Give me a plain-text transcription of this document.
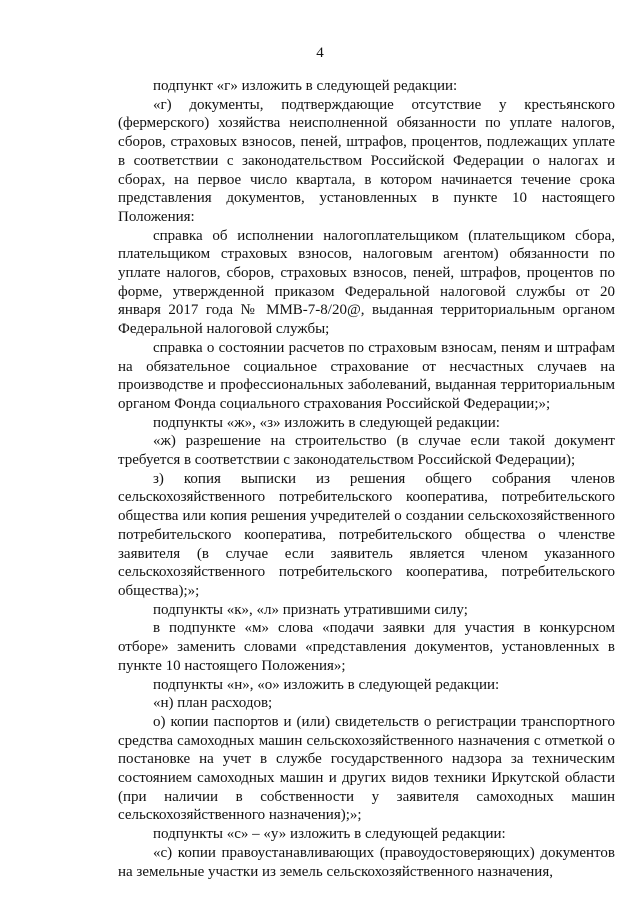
4

подпункт «г» изложить в следующей редакции:

«г) документы, подтверждающие отсутствие у крестьянского (фермерского) хозяйства неисполненной обязанности по уплате налогов, сборов, страховых взносов, пеней, штрафов, процентов, подлежащих уплате в соответствии с законодательством Российской Федерации о налогах и сборах, на первое число квартала, в котором начинается течение срока представления документов, установленных в пункте 10 настоящего Положения:

справка об исполнении налогоплательщиком (плательщиком сбора, плательщиком страховых взносов, налоговым агентом) обязанности по уплате налогов, сборов, страховых взносов, пеней, штрафов, процентов по форме, утвержденной приказом Федеральной налоговой службы от 20 января 2017 года № ММВ-7-8/20@, выданная территориальным органом Федеральной налоговой службы;

справка о состоянии расчетов по страховым взносам, пеням и штрафам на обязательное социальное страхование от несчастных случаев на производстве и профессиональных заболеваний, выданная территориальным органом Фонда социального страхования Российской Федерации;»;

подпункты «ж», «з» изложить в следующей редакции:

«ж) разрешение на строительство (в случае если такой документ требуется в соответствии с законодательством Российской Федерации);

з) копия выписки из решения общего собрания членов сельскохозяйственного потребительского кооператива, потребительского общества или копия решения учредителей о создании сельскохозяйственного потребительского кооператива, потребительского общества о членстве заявителя (в случае если заявитель является членом указанного сельскохозяйственного потребительского кооператива, потребительского общества);»;

подпункты «к», «л» признать утратившими силу;

в подпункте «м» слова «подачи заявки для участия в конкурсном отборе» заменить словами «представления документов, установленных в пункте 10 настоящего Положения»;

подпункты «н», «о» изложить в следующей редакции:

«н) план расходов;

о) копии паспортов и (или) свидетельств о регистрации транспортного средства самоходных машин сельскохозяйственного назначения с отметкой о постановке на учет в службе государственного надзора за техническим состоянием самоходных машин и других видов техники Иркутской области (при наличии в собственности у заявителя самоходных машин сельскохозяйственного назначения);»;

подпункты «с» – «у» изложить в следующей редакции:

«с) копии правоустанавливающих (правоудостоверяющих) документов на земельные участки из земель сельскохозяйственного назначения,
